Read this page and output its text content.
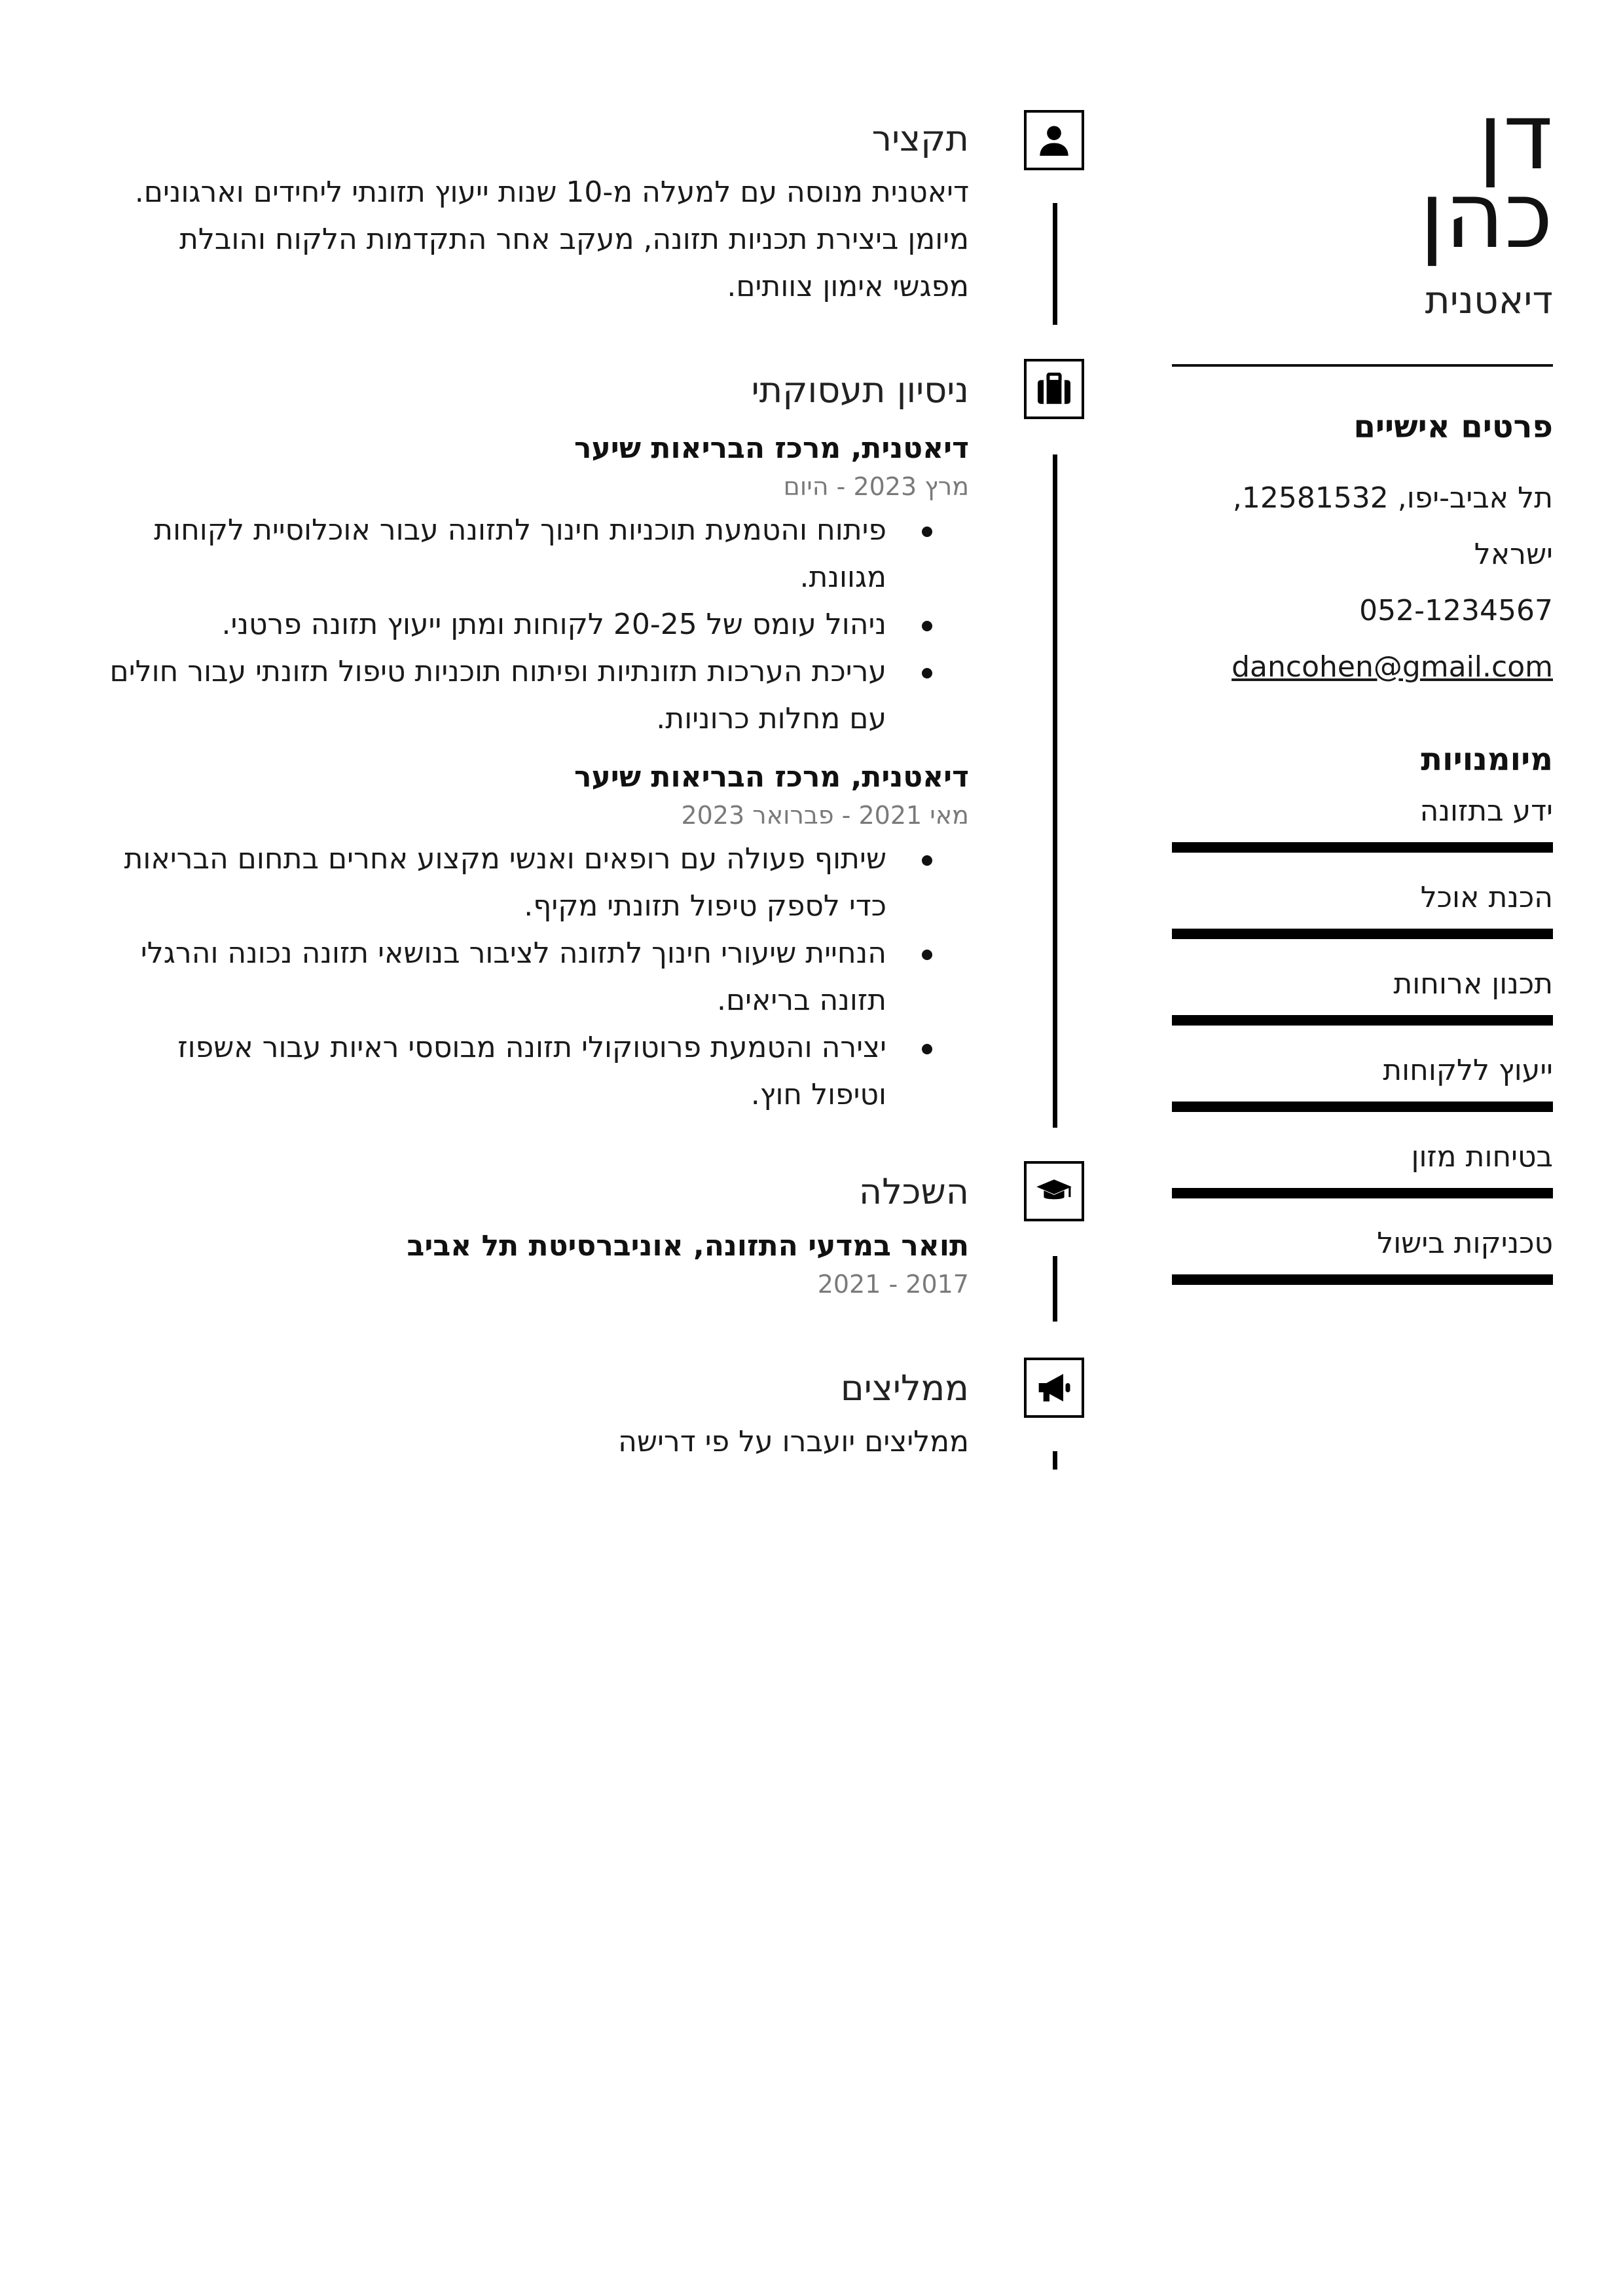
דן
כהן
דיאטנית
פרטים אישיים
תל אביב-יפו, 12581532, ישראל
052-1234567
dancohen@gmail.com
מיומנויות
ידע בתזונה
הכנת אוכל
תכנון ארוחות
ייעוץ ללקוחות
בטיחות מזון
טכניקות בישול
תקציר
דיאטנית מנוסה עם למעלה מ-10 שנות ייעוץ תזונתי ליחידים וארגונים. מיומן ביצירת תכניות תזונה, מעקב אחר התקדמות הלקוח והובלת מפגשי אימון צוותים.
ניסיון תעסוקתי
דיאטנית, מרכז הבריאות שיער
מרץ 2023 - היום
פיתוח והטמעת תוכניות חינוך לתזונה עבור אוכלוסיית לקוחות מגוונת.
ניהול עומס של 20-25 לקוחות ומתן ייעוץ תזונה פרטני.
עריכת הערכות תזונתיות ופיתוח תוכניות טיפול תזונתי עבור חולים עם מחלות כרוניות.
דיאטנית, מרכז הבריאות שיער
מאי 2021 - פברואר 2023
שיתוף פעולה עם רופאים ואנשי מקצוע אחרים בתחום הבריאות כדי לספק טיפול תזונתי מקיף.
הנחיית שיעורי חינוך לתזונה לציבור בנושאי תזונה נכונה והרגלי תזונה בריאים.
יצירה והטמעת פרוטוקולי תזונה מבוססי ראיות עבור אשפוז וטיפול חוץ.
השכלה
תואר במדעי התזונה, אוניברסיטת תל אביב
2017 - 2021
ממליצים
ממליצים יועברו על פי דרישה
